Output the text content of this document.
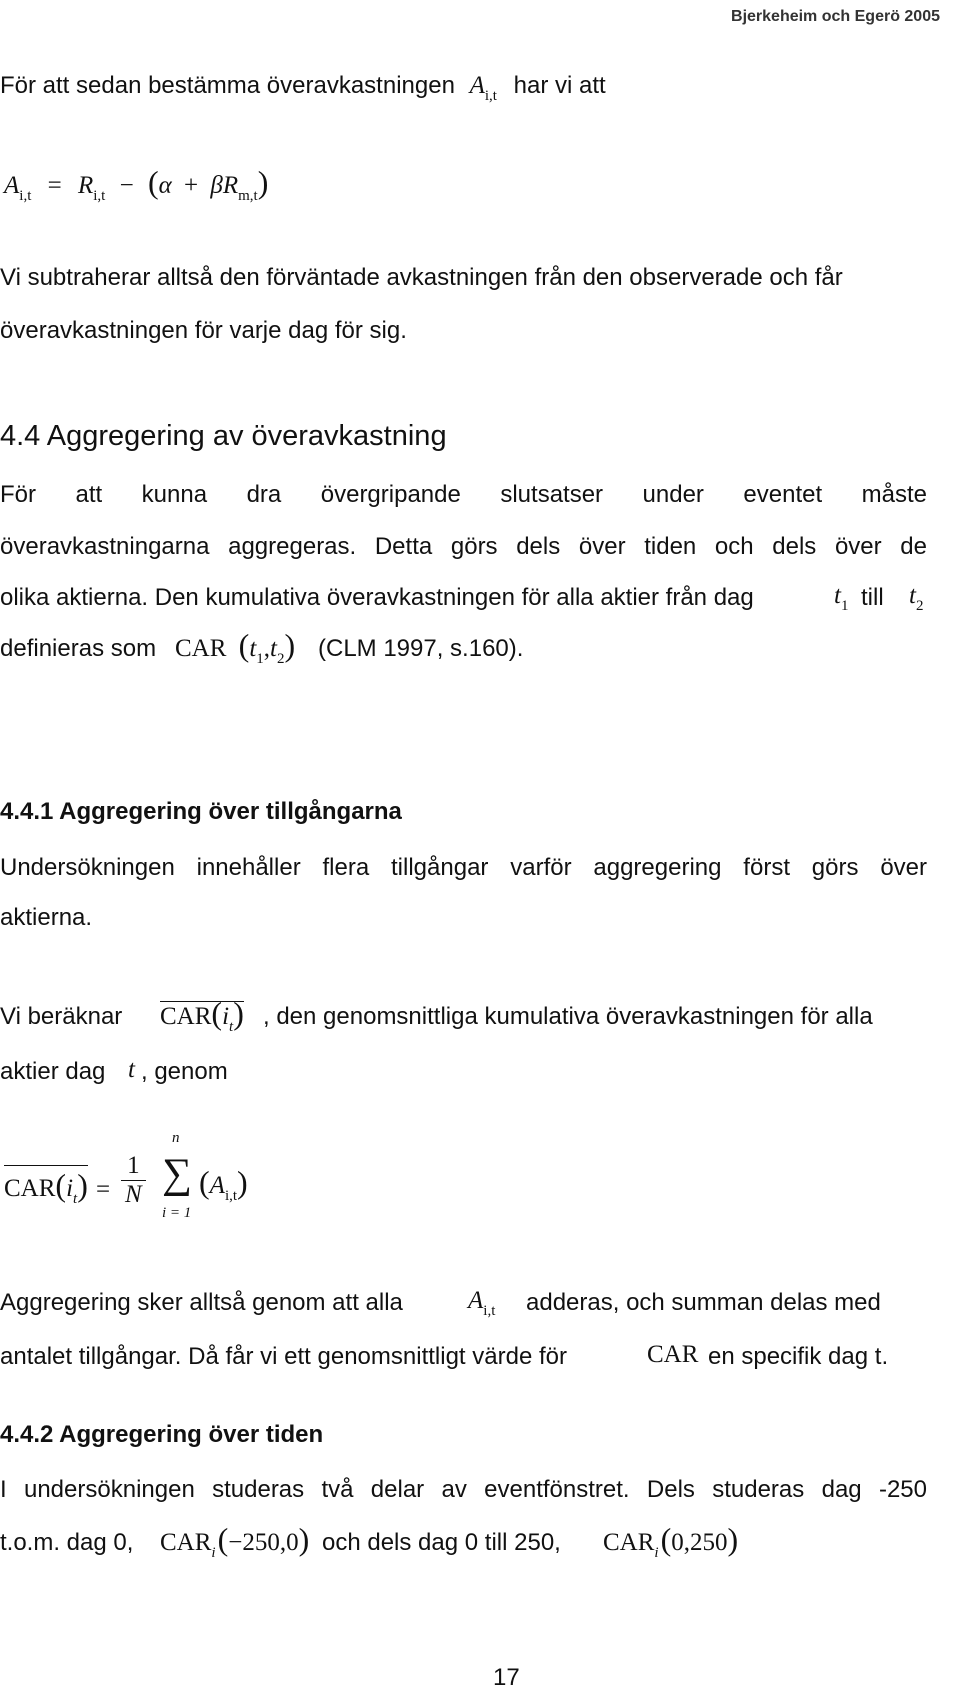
Bjerkeheim och Egerö 2005
För att sedan bestämma överavkastningen $A_{i,t}$ har vi att
$A_{i,t} = R_{i,t} - (\alpha + \beta R_{m,t})$
Vi subtraherar alltså den förväntade avkastningen från den observerade och får
överavkastningen för varje dag för sig.
4.4 Aggregering av överavkastning
För att kunna dra övergripande slutsatser under eventet måste
överavkastningarna aggregeras. Detta görs dels över tiden och dels över de
olika aktierna. Den kumulativa överavkastningen för alla aktier från dag	$t_1$ till $t_2$
definieras som CAR $(t_1,t_2)$ (CLM 1997, s.160).
4.4.1 Aggregering över tillgångarna
Undersökningen innehåller flera tillgångar varför aggregering först görs över
aktierna.
Vi beräknar $CAR(i_t)$ , den genomsnittliga kumulativa överavkastningen för alla
aktier dag t , genom
$CAR(i_t) = \frac{1}{N}$
n
∑
i = 1
$(A_{i,t})$
Aggregering sker alltså genom att alla	$A_{i,t}$ adderas, och summan delas med
antalet tillgångar. Då får vi ett genomsnittligt värde för	CAR en specifik dag t.
4.4.2 Aggregering över tiden
I undersökningen studeras två delar av eventfönstret. Dels studeras dag -250
t.o.m. dag 0, $CAR_i(-250,0)$ och dels dag 0 till 250, $CAR_i(0,250)$
17
